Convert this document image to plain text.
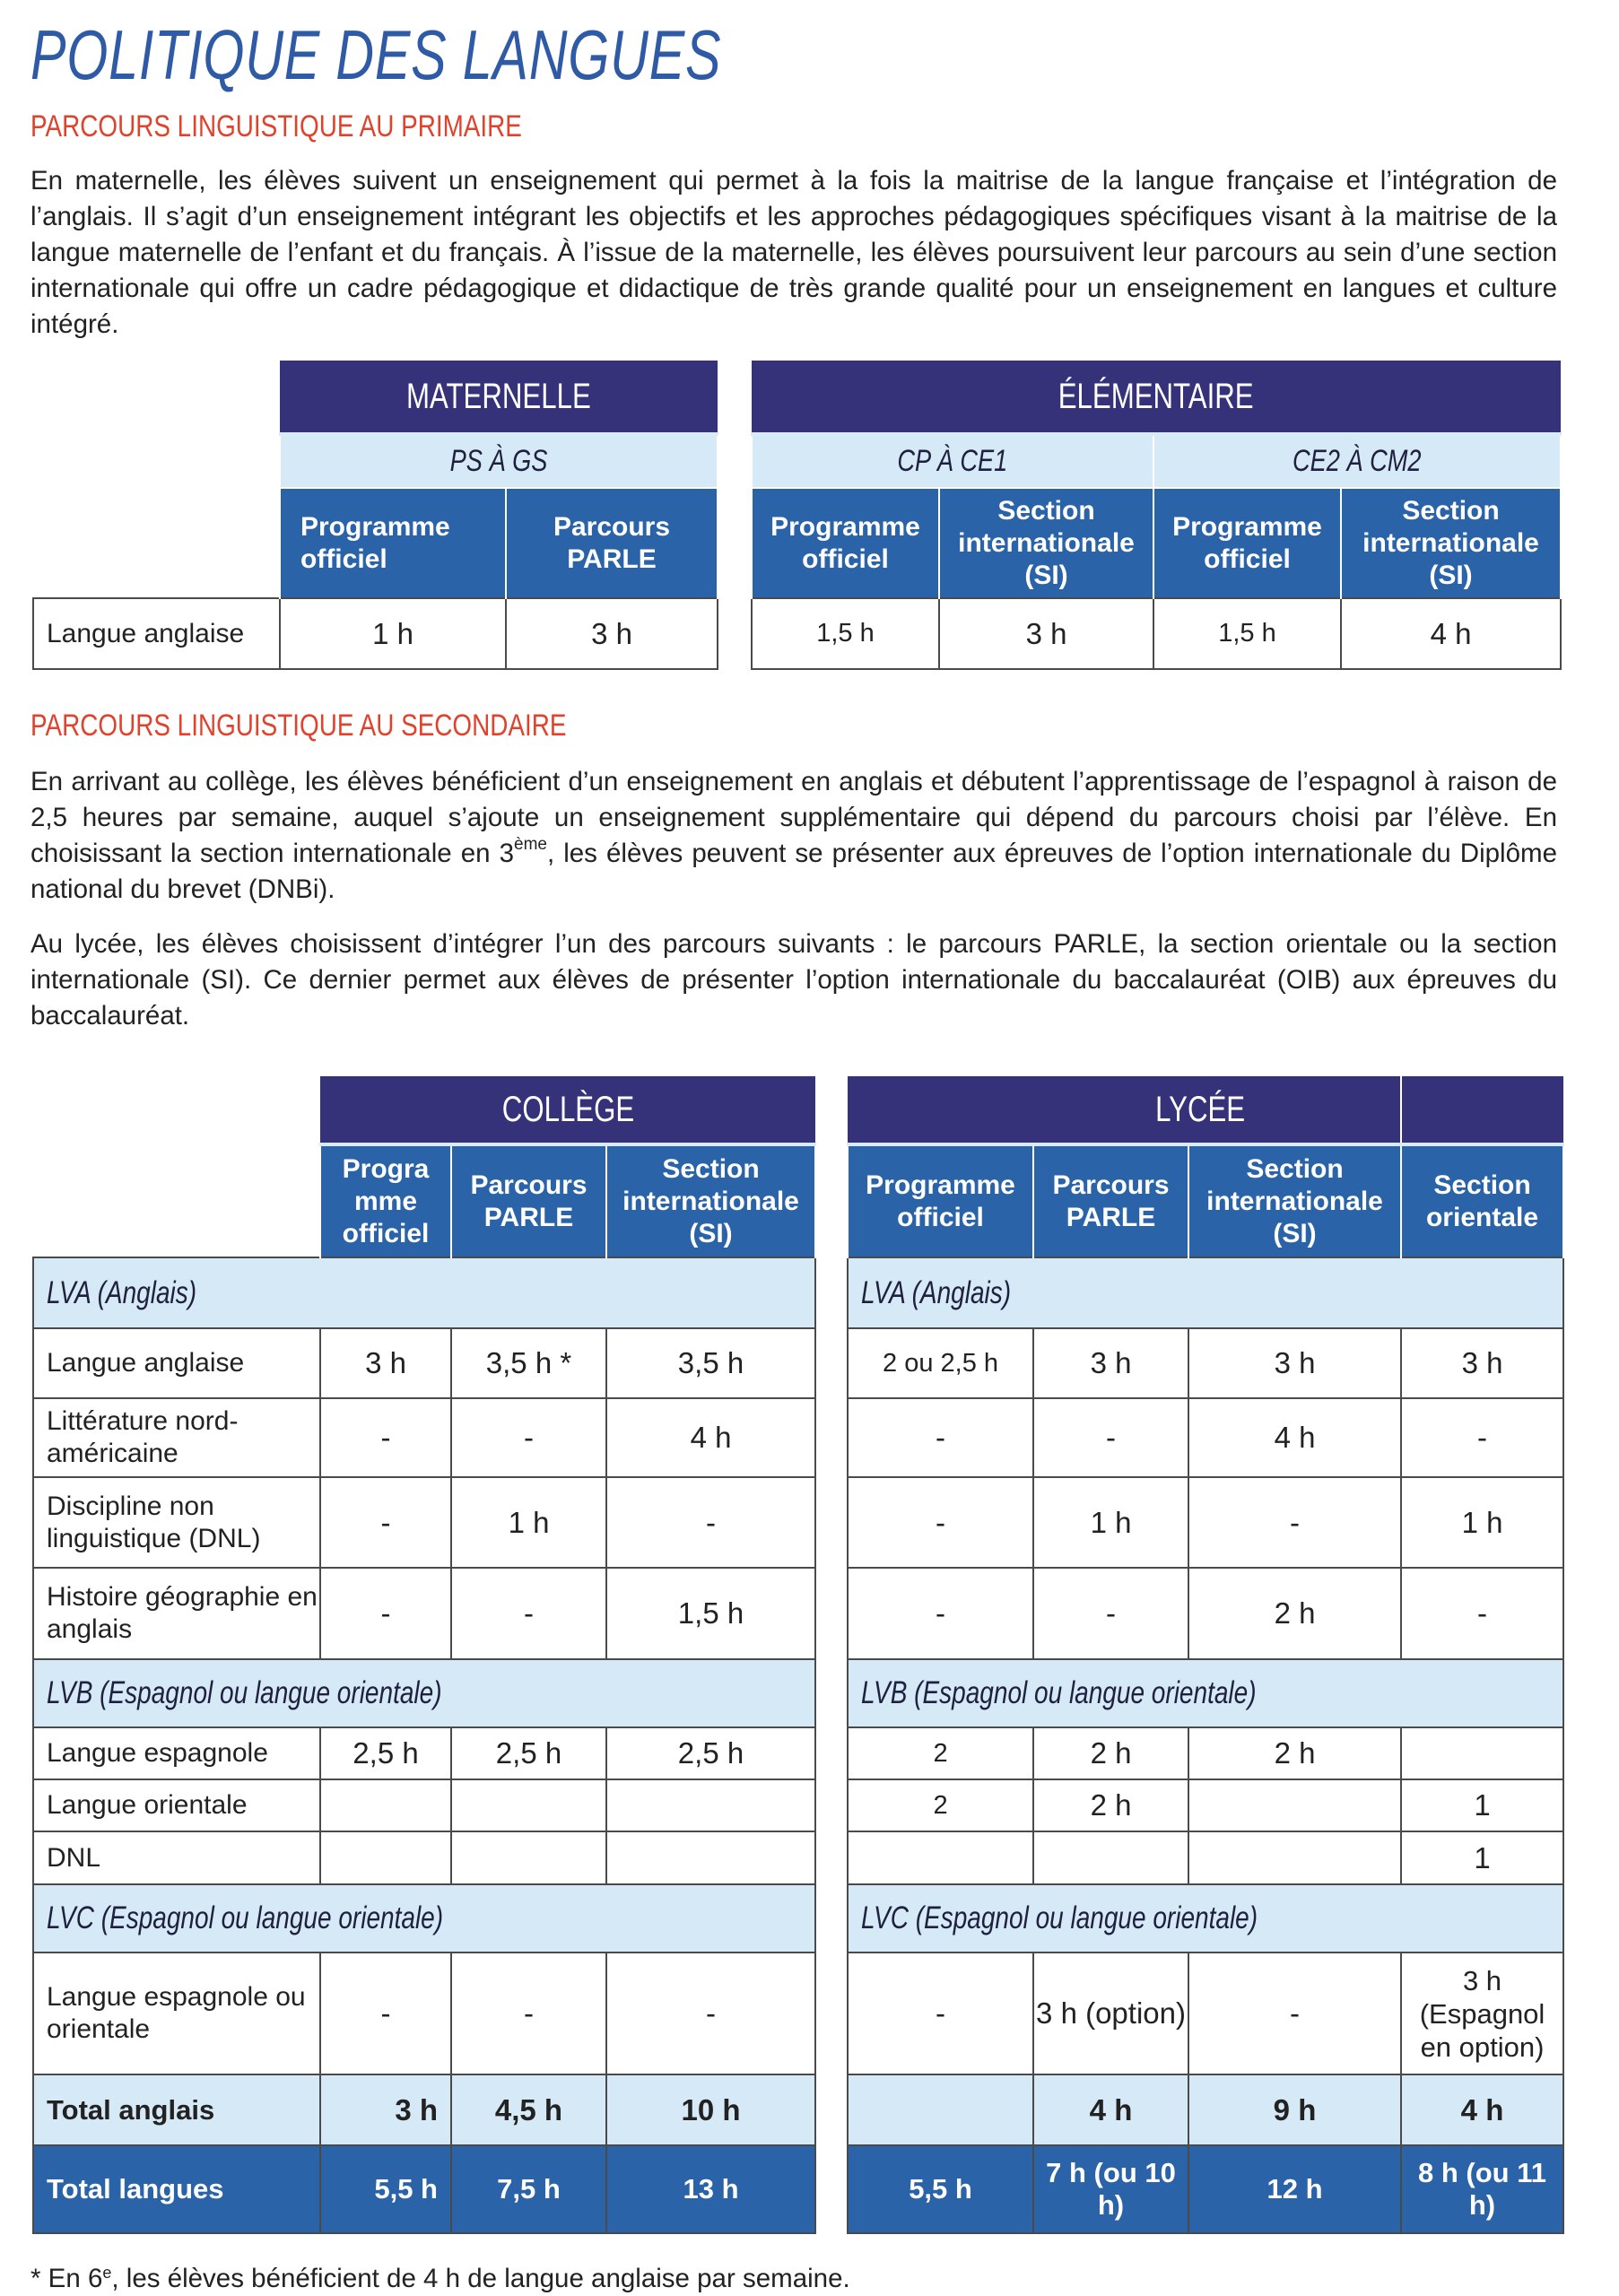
POLITIQUE DES LANGUES
PARCOURS LINGUISTIQUE AU PRIMAIRE

En maternelle, les élèves suivent un enseignement qui permet à la fois la maitrise de la langue française et l’intégration de l’anglais. Il s’agit d’un enseignement intégrant les objectifs et les approches pédagogiques spécifiques visant à la maitrise de la langue maternelle de l’enfant et du français. À l’issue de la maternelle, les élèves poursuivent leur parcours au sein d’une section internationale qui offre un cadre pédagogique et didactique de très grande qualité pour un enseignement en langues et culture intégré.

	MATERNELLE			ÉLÉMENTAIRE			
	PS À GS			CP À CE1		CE2 À CM2	
	Programme officiel	Parcours PARLE		Programme officiel	Section internationale (SI)	Programme officiel	Section internationale (SI)
Langue anglaise	1 h	3 h		1,5 h	3 h	1,5 h	4 h
PARCOURS LINGUISTIQUE AU SECONDAIRE

En arrivant au collège, les élèves bénéficient d’un enseignement en anglais et débutent l’apprentissage de l’espagnol à raison de 2,5 heures par semaine, auquel s’ajoute un enseignement supplémentaire qui dépend du parcours choisi par l’élève. En choisissant la section internationale en 3ème, les élèves peuvent se présenter aux épreuves de l’option internationale du Diplôme national du brevet (DNBi).

Au lycée, les élèves choisissent d’intégrer l’un des parcours suivants : le parcours PARLE, la section orientale ou la section internationale (SI). Ce dernier permet aux élèves de présenter l’option internationale du baccalauréat (OIB) aux épreuves du baccalauréat.

	COLLÈGE				LYCÉE			
	Progra mme officiel	Parcours PARLE	Section internationale (SI)		Programme officiel	Parcours PARLE	Section internationale (SI)	Section orientale
LVA (Anglais)					LVA (Anglais)			
Langue anglaise	3 h	3,5 h *	3,5 h		2 ou 2,5 h	3 h	3 h	3 h
Littérature nord-américaine	-	-	4 h		-	-	4 h	-
Discipline non linguistique (DNL)	-	1 h	-		-	1 h	-	1 h
Histoire géographie en anglais	-	-	1,5 h		-	-	2 h	-
LVB (Espagnol ou langue orientale)					LVB (Espagnol ou langue orientale)			
Langue espagnole	2,5 h	2,5 h	2,5 h		2	2 h	2 h	
Langue orientale					2	2 h		1
DNL								1
LVC (Espagnol ou langue orientale)					LVC (Espagnol ou langue orientale)			
Langue espagnole ou orientale	-	-	-		-	3 h (option)	-	3 h (Espagnol en option)
Total anglais	3 h	4,5 h	10 h			4 h	9 h	4 h
Total langues	5,5 h	7,5 h	13 h		5,5 h	7 h (ou 10 h)	12 h	8 h (ou 11 h)

* En 6e, les élèves bénéficient de 4 h de langue anglaise par semaine.
